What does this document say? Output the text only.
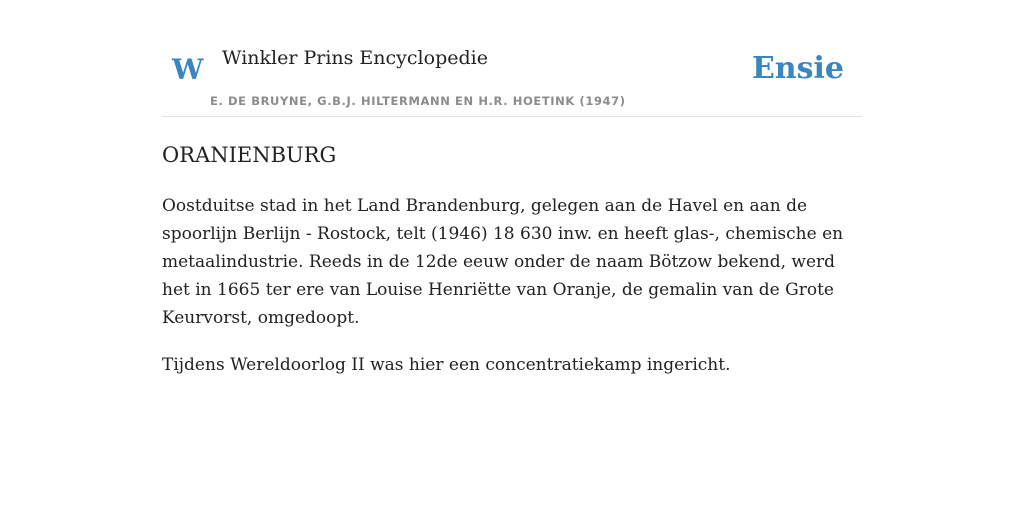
W Winkler Prins Encyclopedie
E. DE BRUYNE, G.B.J. HILTERMANN EN H.R. HOETINK (1947)
Ensie
ORANIENBURG

Oostduitse stad in het Land Brandenburg, gelegen aan de Havel en aan de spoorlijn Berlijn - Rostock, telt (1946) 18 630 inw. en heeft glas-, chemische en metaalindustrie. Reeds in de 12de eeuw onder de naam Bötzow bekend, werd het in 1665 ter ere van Louise Henriëtte van Oranje, de gemalin van de Grote Keurvorst, omgedoopt.

Tijdens Wereldoorlog II was hier een concentratiekamp ingericht.
